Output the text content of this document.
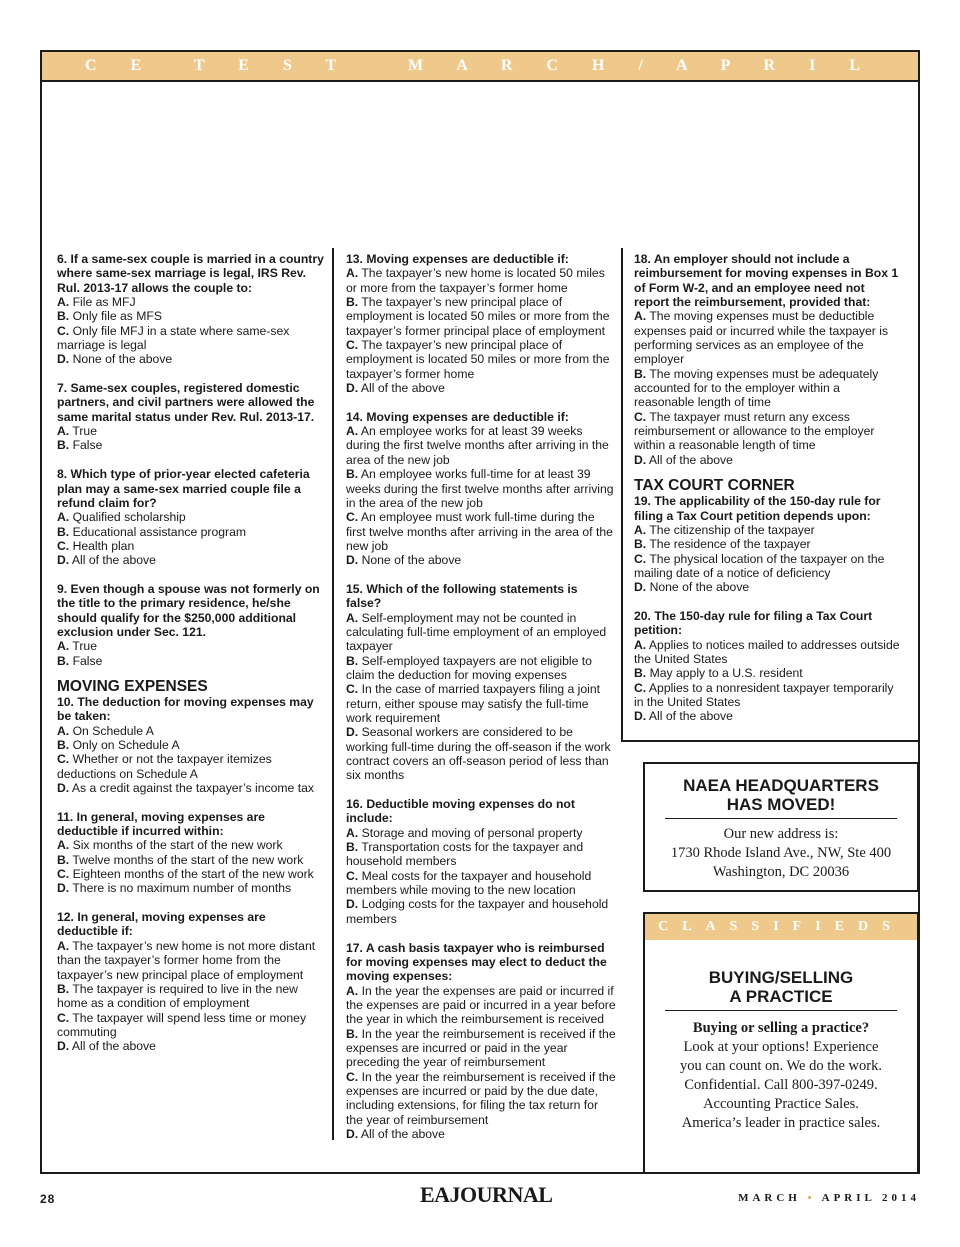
C E  T E S T   M A R C H / A P R I L

6. If a same-sex couple is married in a country where same-sex marriage is legal, IRS Rev. Rul. 2013-17 allows the couple to:

A. File as MFJ

B. Only file as MFS

C. Only file MFJ in a state where same-sex marriage is legal

D. None of the above

7. Same-sex couples, registered domestic partners, and civil partners were allowed the same marital status under Rev. Rul. 2013-17.

A. True

B. False

8. Which type of prior-year elected cafeteria plan may a same-sex married couple file a refund claim for?

A. Qualified scholarship

B. Educational assistance program

C. Health plan

D. All of the above

9. Even though a spouse was not formerly on the title to the primary residence, he/she should qualify for the $250,000 additional exclusion under Sec. 121.

A. True

B. False

MOVING EXPENSES

10. The deduction for moving expenses may be taken:

A. On Schedule A

B. Only on Schedule A

C. Whether or not the taxpayer itemizes deductions on Schedule A

D. As a credit against the taxpayer’s income tax

11. In general, moving expenses are deductible if incurred within:

A. Six months of the start of the new work

B. Twelve months of the start of the new work

C. Eighteen months of the start of the new work

D. There is no maximum number of months

12. In general, moving expenses are deductible if:

A. The taxpayer’s new home is not more distant than the taxpayer’s former home from the taxpayer’s new principal place of employment

B. The taxpayer is required to live in the new home as a condition of employment

C. The taxpayer will spend less time or money commuting

D. All of the above

13. Moving expenses are deductible if:

A. The taxpayer’s new home is located 50 miles or more from the taxpayer’s former home

B. The taxpayer’s new principal place of employment is located 50 miles or more from the taxpayer’s former principal place of employment

C. The taxpayer’s new principal place of employment is located 50 miles or more from the taxpayer’s former home

D. All of the above

14. Moving expenses are deductible if:

A. An employee works for at least 39 weeks during the first twelve months after arriving in the area of the new job

B. An employee works full-time for at least 39 weeks during the first twelve months after arriving in the area of the new job

C. An employee must work full-time during the first twelve months after arriving in the area of the new job

D. None of the above

15. Which of the following statements is false?

A. Self-employment may not be counted in calculating full-time employment of an employed taxpayer

B. Self-employed taxpayers are not eligible to claim the deduction for moving expenses

C. In the case of married taxpayers filing a joint return, either spouse may satisfy the full-time work requirement

D. Seasonal workers are considered to be working full-time during the off-season if the work contract covers an off-season period of less than six months

16. Deductible moving expenses do not include:

A. Storage and moving of personal property

B. Transportation costs for the taxpayer and household members

C. Meal costs for the taxpayer and household members while moving to the new location

D. Lodging costs for the taxpayer and household members

17. A cash basis taxpayer who is reimbursed for moving expenses may elect to deduct the moving expenses:

A. In the year the expenses are paid or incurred if the expenses are paid or incurred in a year before the year in which the reimbursement is received

B. In the year the reimbursement is received if the expenses are incurred or paid in the year preceding the year of reimbursement

C. In the year the reimbursement is received if the expenses are incurred or paid by the due date, including extensions, for filing the tax return for the year of reimbursement

D. All of the above

18. An employer should not include a reimbursement for moving expenses in Box 1 of Form W-2, and an employee need not report the reimbursement, provided that:

A. The moving expenses must be deductible expenses paid or incurred while the taxpayer is performing services as an employee of the employer

B. The moving expenses must be adequately accounted for to the employer within a reasonable length of time

C. The taxpayer must return any excess reimbursement or allowance to the employer within a reasonable length of time

D. All of the above

TAX COURT CORNER

19. The applicability of the 150-day rule for filing a Tax Court petition depends upon:

A. The citizenship of the taxpayer

B. The residence of the taxpayer

C. The physical location of the taxpayer on the mailing date of a notice of deficiency

D. None of the above

20. The 150-day rule for filing a Tax Court petition:

A. Applies to notices mailed to addresses outside the United States

B. May apply to a U.S. resident

C. Applies to a nonresident taxpayer temporarily in the United States

D. All of the above

NAEA HEADQUARTERS
HAS MOVED!
Our new address is:
1730 Rhode Island Ave., NW, Ste 400
Washington, DC 20036
CLASSIFIEDS
BUYING/SELLING
A PRACTICE
Buying or selling a practice?
Look at your options! Experience
you can count on. We do the work.
Confidential. Call 800-397-0249.
Accounting Practice Sales.
America’s leader in practice sales.
28	EAJOURNAL	MARCH • APRIL 2014
